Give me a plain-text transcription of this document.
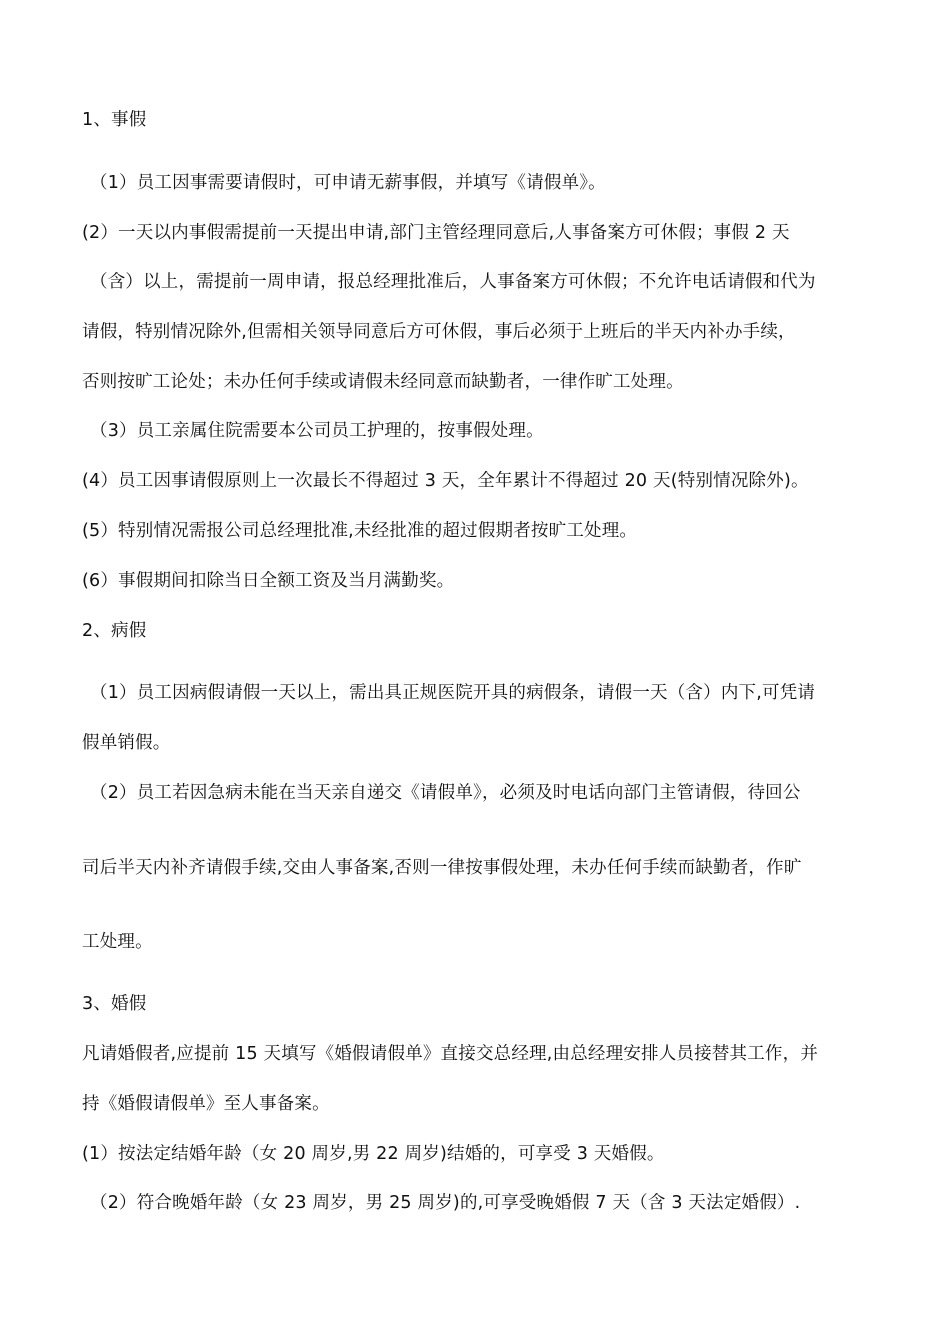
1、事假
（1）员工因事需要请假时，可申请无薪事假，并填写《请假单》。
(2）一天以内事假需提前一天提出申请,部门主管经理同意后,人事备案方可休假；事假 2 天
（含）以上，需提前一周申请，报总经理批准后，人事备案方可休假；不允许电话请假和代为
请假，特别情况除外,但需相关领导同意后方可休假，事后必须于上班后的半天内补办手续，
否则按旷工论处；未办任何手续或请假未经同意而缺勤者，一律作旷工处理。
（3）员工亲属住院需要本公司员工护理的，按事假处理。
(4）员工因事请假原则上一次最长不得超过 3 天，全年累计不得超过 20 天(特别情况除外)。
(5）特别情况需报公司总经理批准,未经批准的超过假期者按旷工处理。
(6）事假期间扣除当日全额工资及当月满勤奖。
2、病假
（1）员工因病假请假一天以上，需出具正规医院开具的病假条，请假一天（含）内下,可凭请
假单销假。
（2）员工若因急病未能在当天亲自递交《请假单》，必须及时电话向部门主管请假，待回公
司后半天内补齐请假手续,交由人事备案,否则一律按事假处理，未办任何手续而缺勤者，作旷
工处理。
3、婚假
凡请婚假者,应提前 15 天填写《婚假请假单》直接交总经理,由总经理安排人员接替其工作，并
持《婚假请假单》至人事备案。
(1）按法定结婚年龄（女 20 周岁,男 22 周岁)结婚的，可享受 3 天婚假。
（2）符合晚婚年龄（女 23 周岁，男 25 周岁)的,可享受晚婚假 7 天（含 3 天法定婚假）.
